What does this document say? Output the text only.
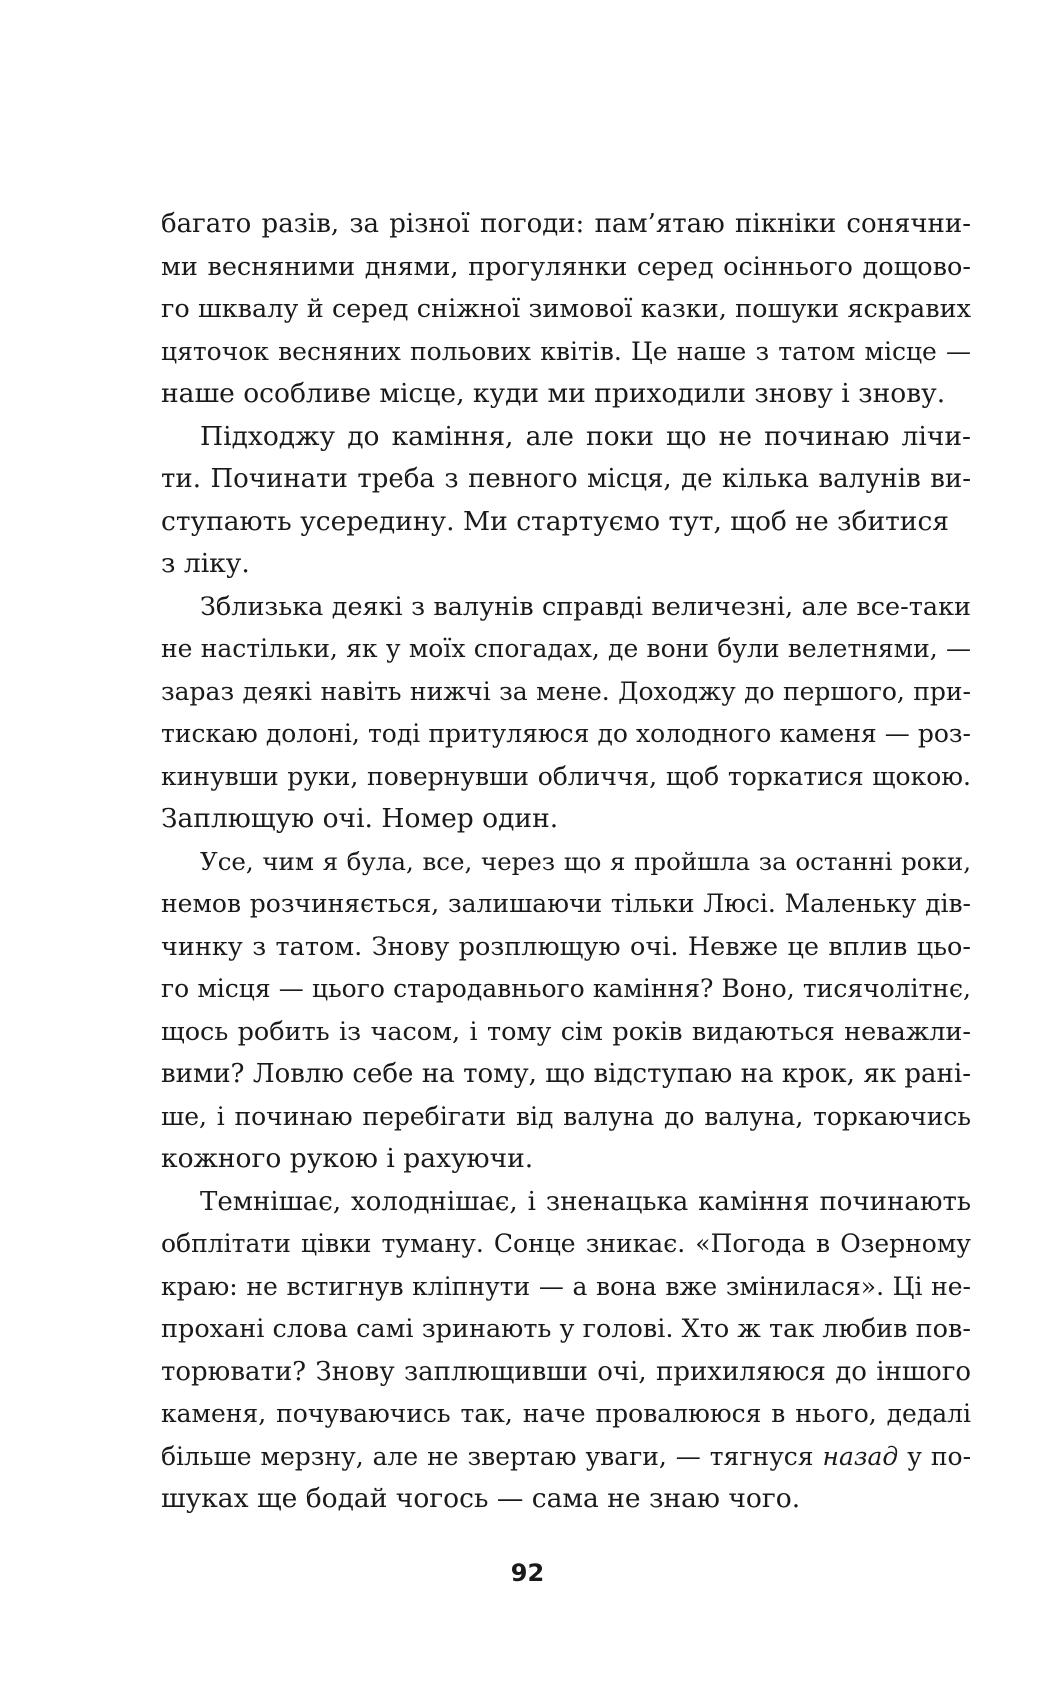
багато разів, за різної погоди: пам’ятаю пікніки сонячни-
ми весняними днями, прогулянки серед осіннього дощово-
го шквалу й серед сніжної зимової казки, пошуки яскравих
цяточок весняних польових квітів. Це наше з татом місце —
наше особливе місце, куди ми приходили знову і знову.
Підходжу до каміння, але поки що не починаю лічи-
ти. Починати треба з певного місця, де кілька валунів ви-
ступають усередину. Ми стартуємо тут, щоб не збитися
з ліку.
Зблизька деякі з валунів справді величезні, але все-таки
не настільки, як у моїх спогадах, де вони були велетнями, —
зараз деякі навіть нижчі за мене. Доходжу до першого, при-
тискаю долоні, тоді притуляюся до холодного каменя — роз-
кинувши руки, повернувши обличчя, щоб торкатися щокою.
Заплющую очі. Номер один.
Усе, чим я була, все, через що я пройшла за останні роки,
немов розчиняється, залишаючи тільки Люсі. Маленьку дів-
чинку з татом. Знову розплющую очі. Невже це вплив цьо-
го місця — цього стародавнього каміння? Воно, тисячолітнє,
щось робить із часом, і тому сім років видаються неважли-
вими? Ловлю себе на тому, що відступаю на крок, як рані-
ше, і починаю перебігати від валуна до валуна, торкаючись
кожного рукою і рахуючи.
Темнішає, холоднішає, і зненацька каміння починають
обплітати цівки туману. Сонце зникає. «Погода в Озерному
краю: не встигнув кліпнути — а вона вже змінилася». Ці не-
прохані слова самі зринають у голові. Хто ж так любив пов-
торювати? Знову заплющивши очі, прихиляюся до іншого
каменя, почуваючись так, наче провалююся в нього, дедалі
більше мерзну, але не звертаю уваги, — тягнуся назад у по-
шуках ще бодай чогось — сама не знаю чого.
92
